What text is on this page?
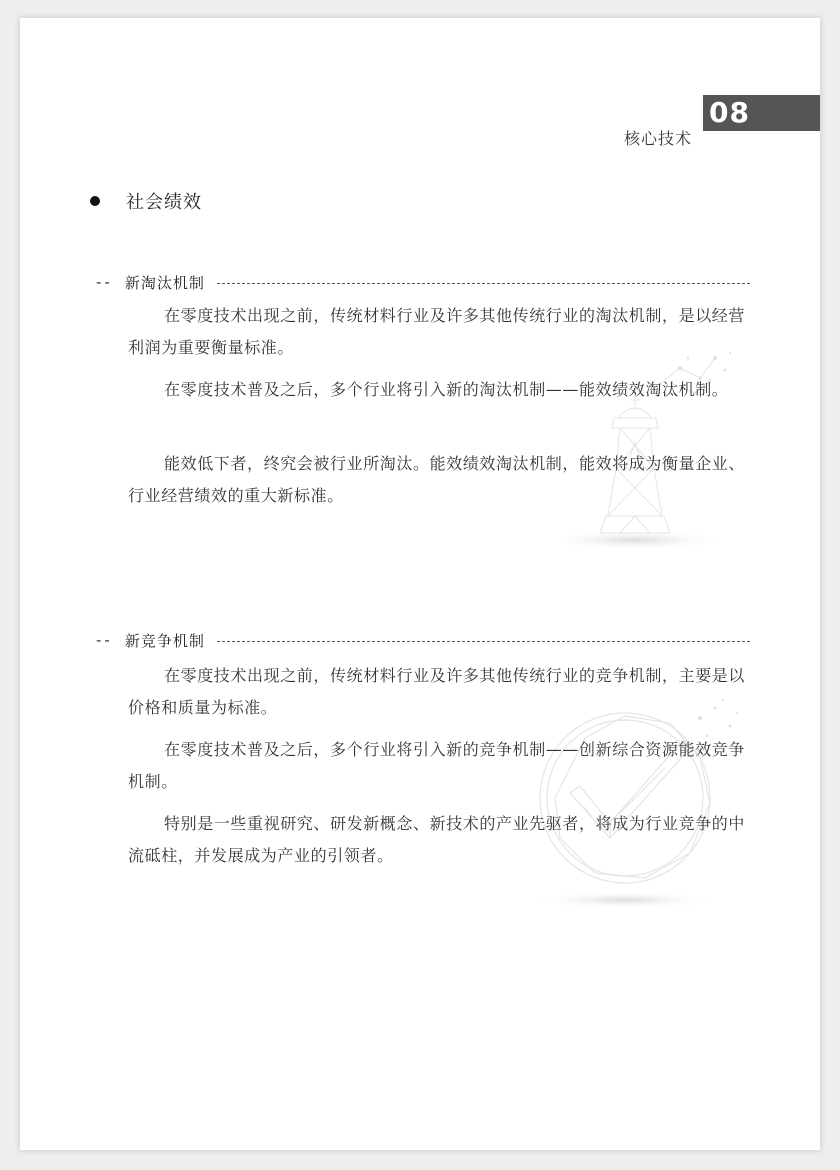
核心技术
08
社会绩效
-- 新淘汰机制

在零度技术出现之前，传统材料行业及许多其他传统行业的淘汰机制，是以经营利润为重要衡量标准。

在零度技术普及之后，多个行业将引入新的淘汰机制——能效绩效淘汰机制。

能效低下者，终究会被行业所淘汰。能效绩效淘汰机制，能效将成为衡量企业、行业经营绩效的重大新标准。

-- 新竞争机制

在零度技术出现之前，传统材料行业及许多其他传统行业的竞争机制，主要是以价格和质量为标准。

在零度技术普及之后，多个行业将引入新的竞争机制——创新综合资源能效竞争机制。

特别是一些重视研究、研发新概念、新技术的产业先驱者，将成为行业竞争的中流砥柱，并发展成为产业的引领者。
